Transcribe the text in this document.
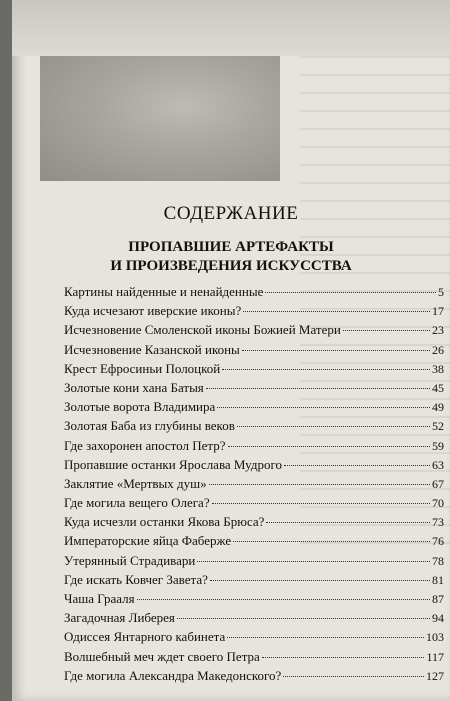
СОДЕРЖАНИЕ
ПРОПАВШИЕ АРТЕФАКТЫ
И ПРОИЗВЕДЕНИЯ ИСКУССТВА
Картины найденные и ненайденные	5
Куда исчезают иверские иконы?	17
Исчезновение Смоленской иконы Божией Матери	23
Исчезновение Казанской иконы	26
Крест Ефросиньи Полоцкой	38
Золотые кони хана Батыя	45
Золотые ворота Владимира	49
Золотая Баба из глубины веков	52
Где захоронен апостол Петр?	59
Пропавшие останки Ярослава Мудрого	63
Заклятие «Мертвых душ»	67
Где могила вещего Олега?	70
Куда исчезли останки Якова Брюса?	73
Императорские яйца Фаберже	76
Утерянный Страдивари	78
Где искать Ковчег Завета?	81
Чаша Грааля	87
Загадочная Либерея	94
Одиссея Янтарного кабинета	103
Волшебный меч ждет своего Петра	117
Где могила Александра Македонского?	127
